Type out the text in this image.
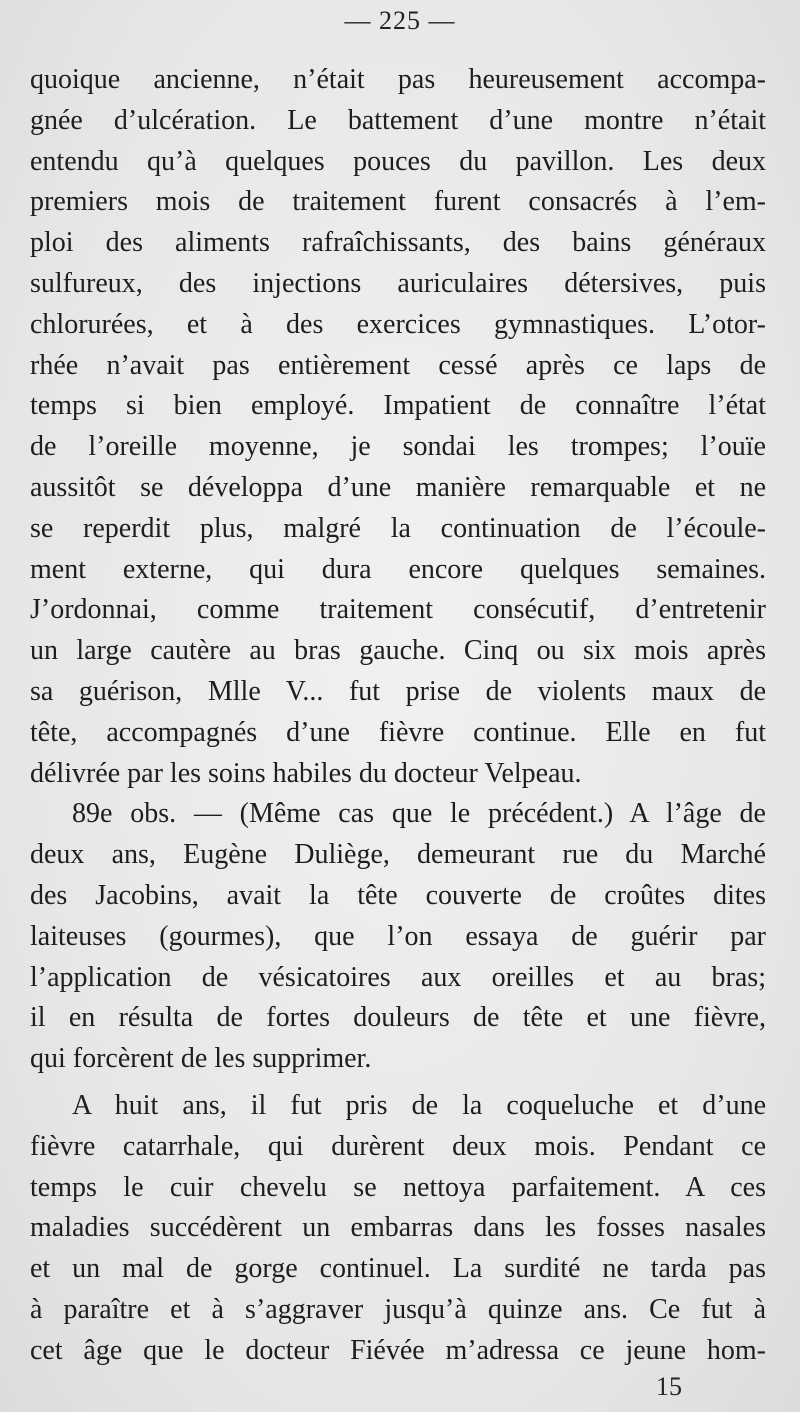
— 225 —
quoique ancienne, n’était pas heureusement accompa-
gnée d’ulcération. Le battement d’une montre n’était
entendu qu’à quelques pouces du pavillon. Les deux
premiers mois de traitement furent consacrés à l’em-
ploi des aliments rafraîchissants, des bains généraux
sulfureux, des injections auriculaires détersives, puis
chlorurées, et à des exercices gymnastiques. L’otor-
rhée n’avait pas entièrement cessé après ce laps de
temps si bien employé. Impatient de connaître l’état
de l’oreille moyenne, je sondai les trompes; l’ouïe
aussitôt se développa d’une manière remarquable et ne
se reperdit plus, malgré la continuation de l’écoule-
ment externe, qui dura encore quelques semaines.
J’ordonnai, comme traitement consécutif, d’entretenir
un large cautère au bras gauche. Cinq ou six mois après
sa guérison, Mlle V... fut prise de violents maux de
tête, accompagnés d’une fièvre continue. Elle en fut
délivrée par les soins habiles du docteur Velpeau.
89e obs. — (Même cas que le précédent.) A l’âge de
deux ans, Eugène Duliège, demeurant rue du Marché
des Jacobins, avait la tête couverte de croûtes dites
laiteuses (gourmes), que l’on essaya de guérir par
l’application de vésicatoires aux oreilles et au bras;
il en résulta de fortes douleurs de tête et une fièvre,
qui forcèrent de les supprimer.
A huit ans, il fut pris de la coqueluche et d’une
fièvre catarrhale, qui durèrent deux mois. Pendant ce
temps le cuir chevelu se nettoya parfaitement. A ces
maladies succédèrent un embarras dans les fosses nasales
et un mal de gorge continuel. La surdité ne tarda pas
à paraître et à s’aggraver jusqu’à quinze ans. Ce fut à
cet âge que le docteur Fiévée m’adressa ce jeune hom-
15
